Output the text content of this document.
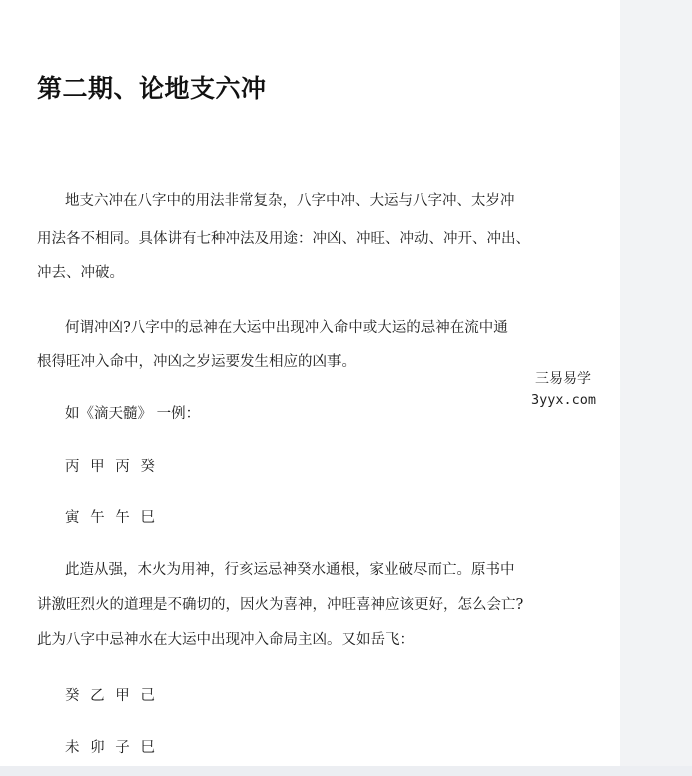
第二期、论地支六冲

地支六冲在八字中的用法非常复杂，八字中冲、大运与八字冲、太岁冲

用法各不相同。具体讲有七种冲法及用途：冲凶、冲旺、冲动、冲开、冲出、

冲去、冲破。

何谓冲凶?八字中的忌神在大运中出现冲入命中或大运的忌神在流中通

根得旺冲入命中，冲凶之岁运要发生相应的凶事。

如《滴天髓》 一例：

丙 甲 丙 癸

寅 午 午 巳

此造从强，木火为用神，行亥运忌神癸水通根，家业破尽而亡。原书中

讲激旺烈火的道理是不确切的，因火为喜神，冲旺喜神应该更好，怎么会亡?

此为八字中忌神水在大运中出现冲入命局主凶。又如岳飞：

癸 乙 甲 己

未 卯 子 巳

三易易学
3yyx.com
